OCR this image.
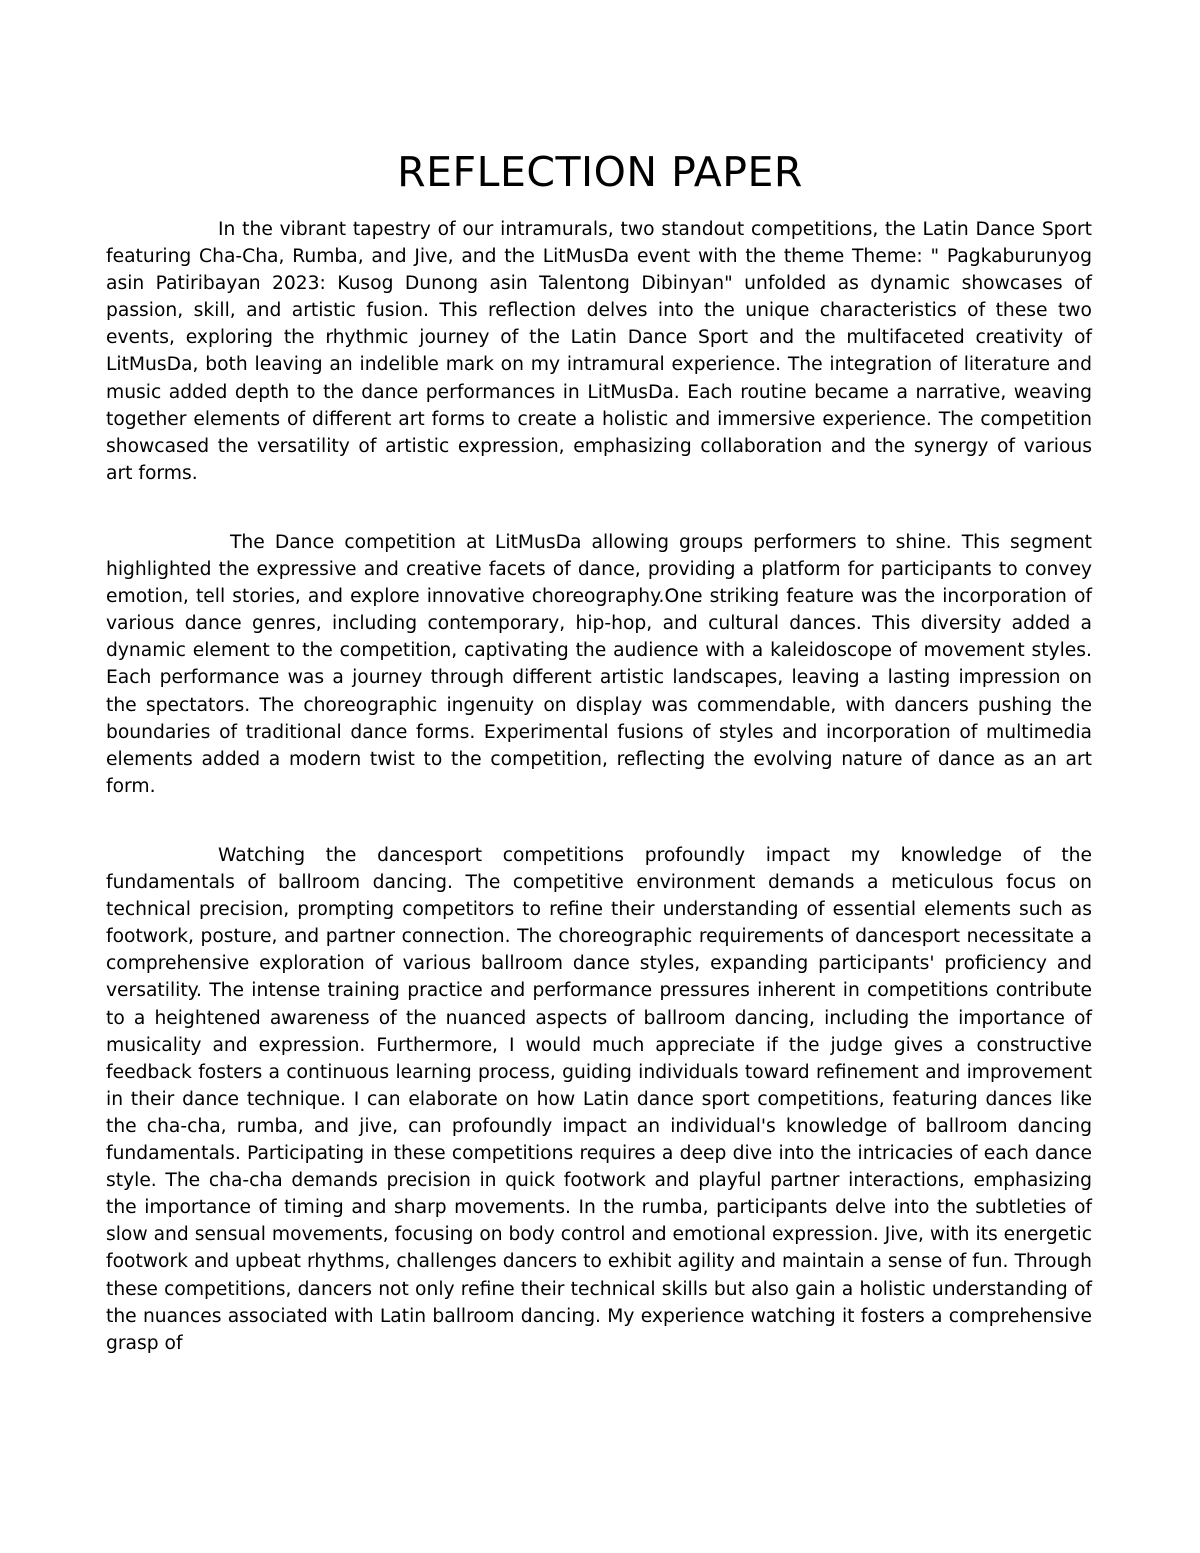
REFLECTION PAPER

In the vibrant tapestry of our intramurals, two standout competitions, the Latin Dance Sport featuring Cha-Cha, Rumba, and Jive, and the LitMusDa event with the theme Theme: " Pagkaburunyog asin Patiribayan 2023: Kusog Dunong asin Talentong Dibinyan" unfolded as dynamic showcases of passion, skill, and artistic fusion. This reflection delves into the unique characteristics of these two events, exploring the rhythmic journey of the Latin Dance Sport and the multifaceted creativity of LitMusDa, both leaving an indelible mark on my intramural experience. The integration of literature and music added depth to the dance performances in LitMusDa. Each routine became a narrative, weaving together elements of different art forms to create a holistic and immersive experience. The competition showcased the versatility of artistic expression, emphasizing collaboration and the synergy of various art forms.

The Dance competition at LitMusDa allowing groups performers to shine. This segment highlighted the expressive and creative facets of dance, providing a platform for participants to convey emotion, tell stories, and explore innovative choreography.One striking feature was the incorporation of various dance genres, including contemporary, hip-hop, and cultural dances. This diversity added a dynamic element to the competition, captivating the audience with a kaleidoscope of movement styles. Each performance was a journey through different artistic landscapes, leaving a lasting impression on the spectators. The choreographic ingenuity on display was commendable, with dancers pushing the boundaries of traditional dance forms. Experimental fusions of styles and incorporation of multimedia elements added a modern twist to the competition, reflecting the evolving nature of dance as an art form.

Watching the dancesport competitions profoundly impact my knowledge of the fundamentals of ballroom dancing. The competitive environment demands a meticulous focus on technical precision, prompting competitors to refine their understanding of essential elements such as footwork, posture, and partner connection. The choreographic requirements of dancesport necessitate a comprehensive exploration of various ballroom dance styles, expanding participants' proficiency and versatility. The intense training practice and performance pressures inherent in competitions contribute to a heightened awareness of the nuanced aspects of ballroom dancing, including the importance of musicality and expression. Furthermore, I would much appreciate if the judge gives a constructive feedback fosters a continuous learning process, guiding individuals toward refinement and improvement in their dance technique. I can elaborate on how Latin dance sport competitions, featuring dances like the cha-cha, rumba, and jive, can profoundly impact an individual's knowledge of ballroom dancing fundamentals. Participating in these competitions requires a deep dive into the intricacies of each dance style. The cha-cha demands precision in quick footwork and playful partner interactions, emphasizing the importance of timing and sharp movements. In the rumba, participants delve into the subtleties of slow and sensual movements, focusing on body control and emotional expression. Jive, with its energetic footwork and upbeat rhythms, challenges dancers to exhibit agility and maintain a sense of fun. Through these competitions, dancers not only refine their technical skills but also gain a holistic understanding of the nuances associated with Latin ballroom dancing. My experience watching it fosters a comprehensive grasp of
